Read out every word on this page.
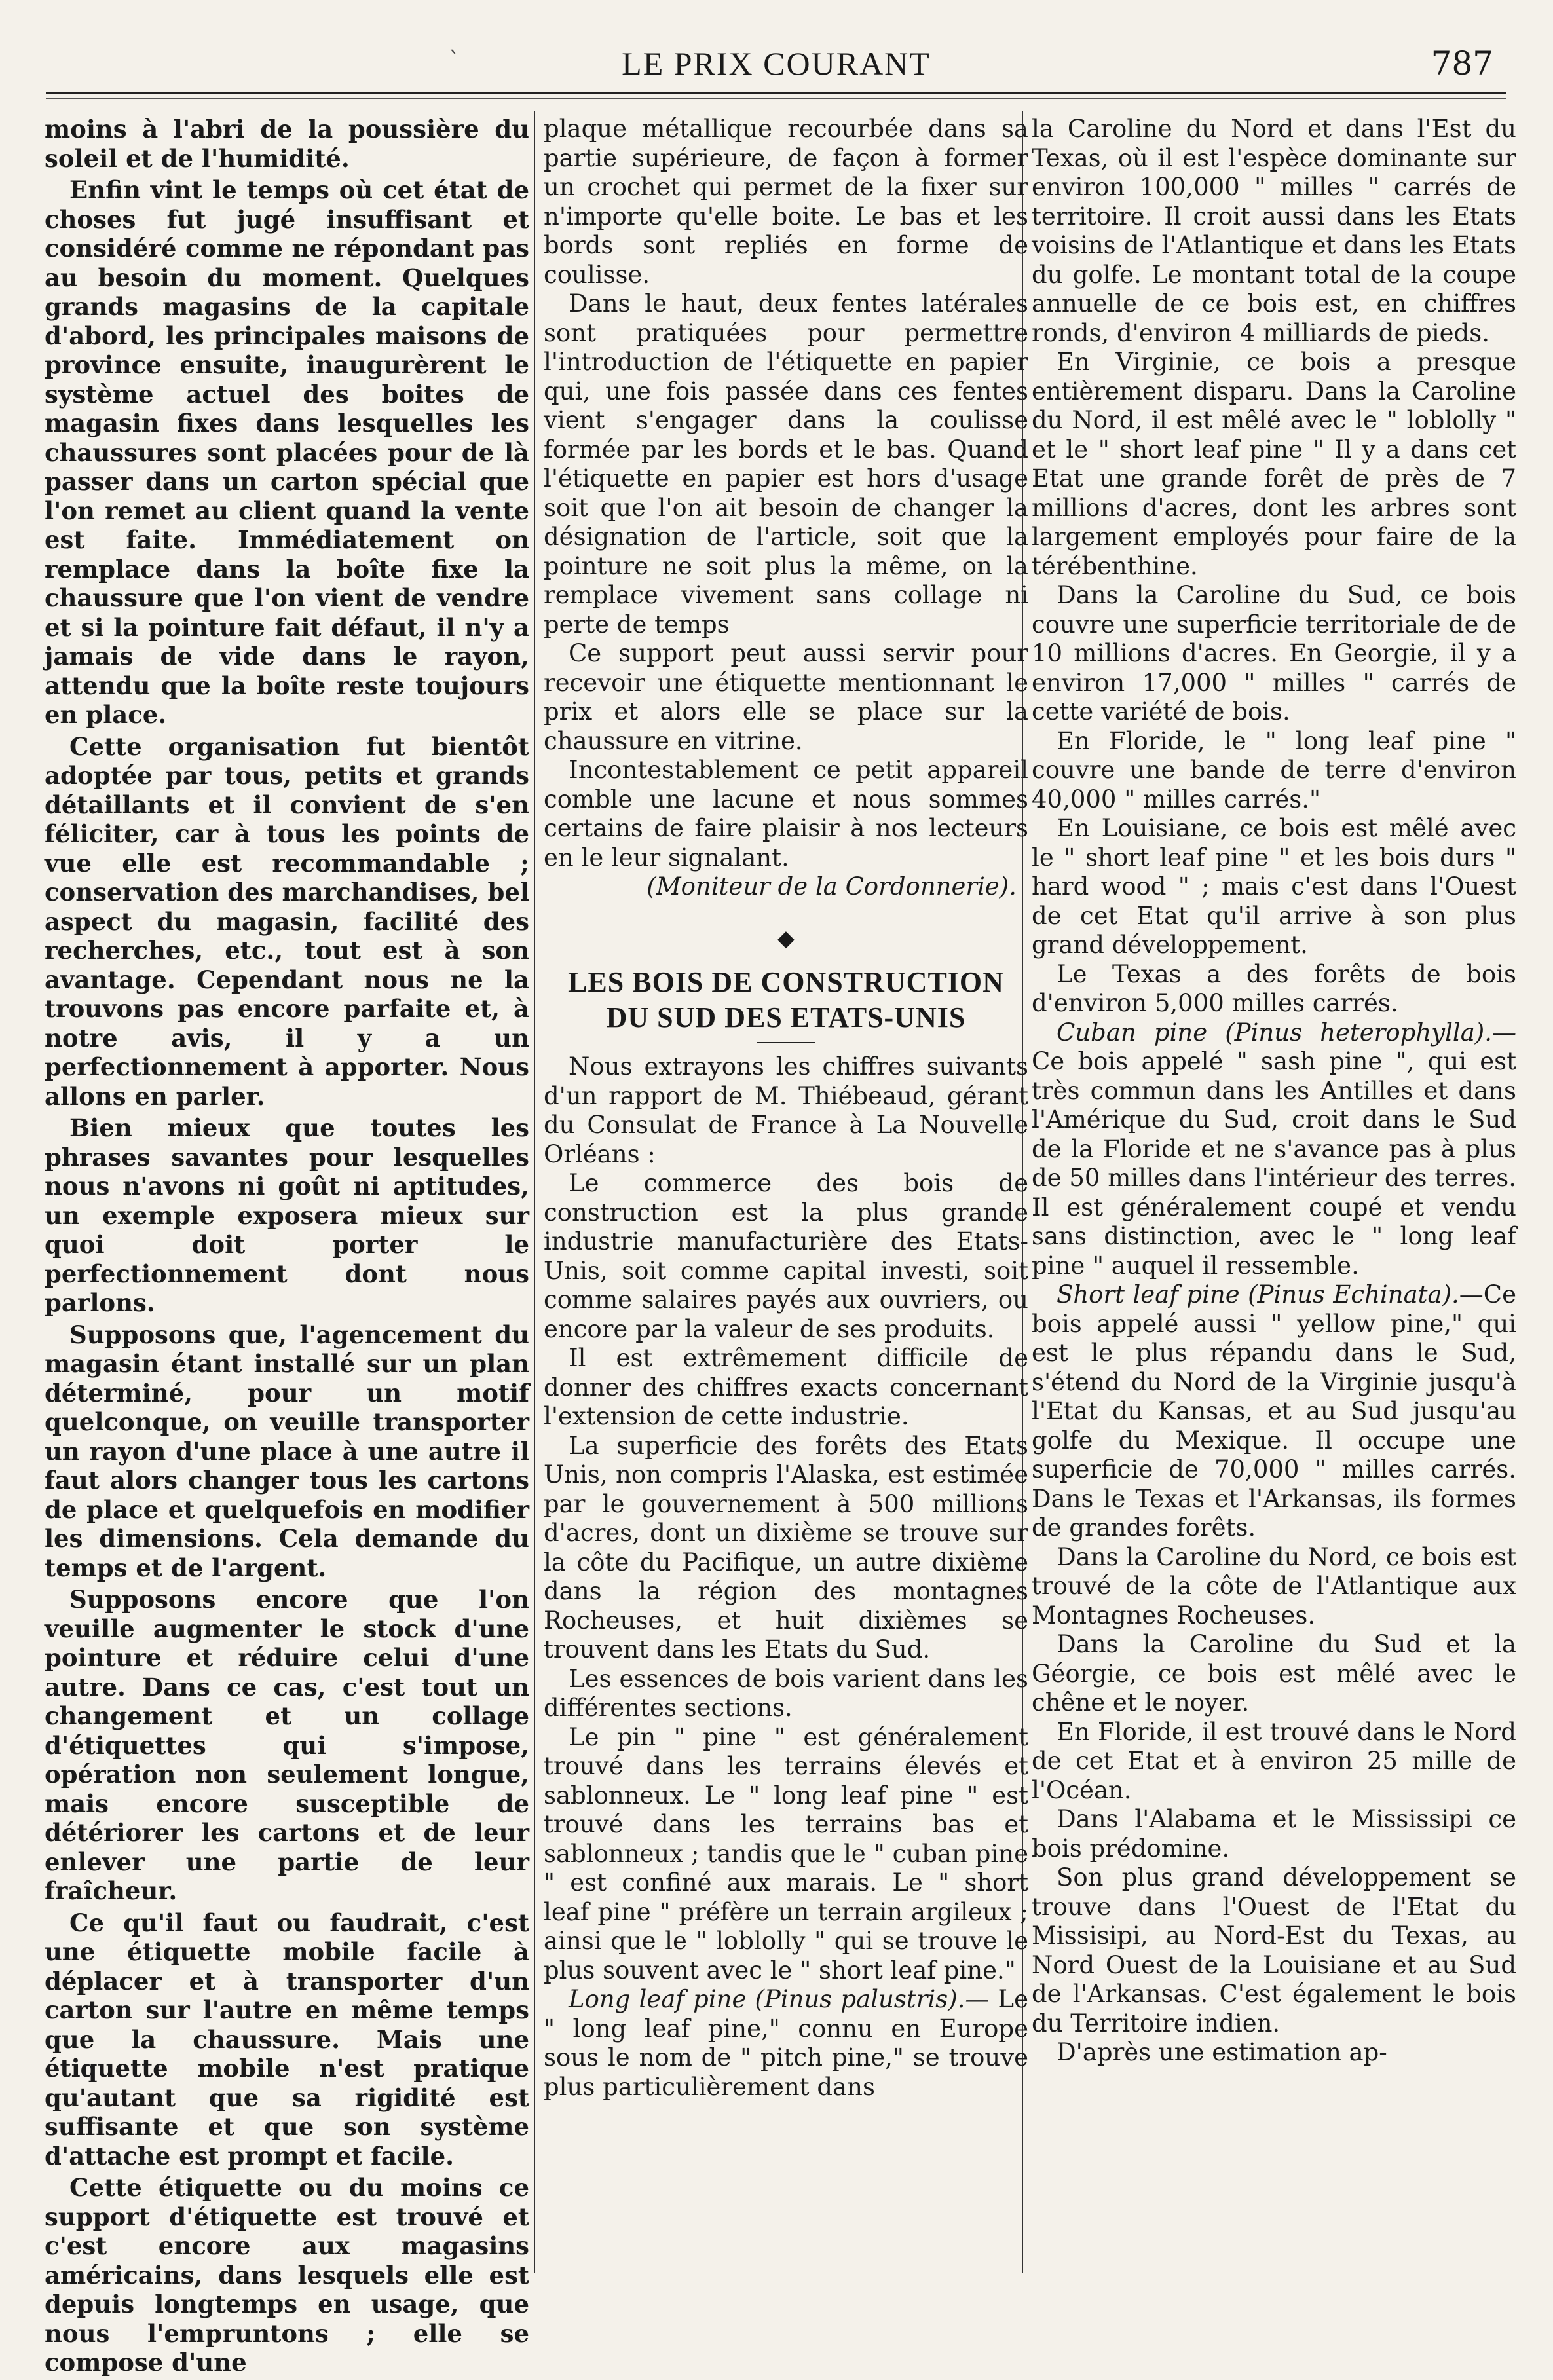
`	LE PRIX COURANT	787

moins à l'abri de la poussière du soleil et de l'humidité.

Enfin vint le temps où cet état de choses fut jugé insuffisant et considéré comme ne répondant pas au besoin du moment. Quelques grands magasins de la capitale d'abord, les principales maisons de province ensuite, inaugurèrent le système actuel des boites de magasin fixes dans lesquelles les chaussures sont placées pour de là passer dans un carton spécial que l'on remet au client quand la vente est faite. Immédiatement on remplace dans la boîte fixe la chaussure que l'on vient de vendre et si la pointure fait défaut, il n'y a jamais de vide dans le rayon, attendu que la boîte reste toujours en place.

Cette organisation fut bientôt adoptée par tous, petits et grands détaillants et il convient de s'en féliciter, car à tous les points de vue elle est recommandable ; conservation des marchandises, bel aspect du magasin, facilité des recherches, etc., tout est à son avantage. Cependant nous ne la trouvons pas encore parfaite et, à notre avis, il y a un perfectionnement à apporter. Nous allons en parler.

Bien mieux que toutes les phrases savantes pour lesquelles nous n'avons ni goût ni aptitudes, un exemple exposera mieux sur quoi doit porter le perfectionnement dont nous parlons.

Supposons que, l'agencement du magasin étant installé sur un plan déterminé, pour un motif quelconque, on veuille transporter un rayon d'une place à une autre il faut alors changer tous les cartons de place et quelquefois en modifier les dimensions. Cela demande du temps et de l'argent.

Supposons encore que l'on veuille augmenter le stock d'une pointure et réduire celui d'une autre. Dans ce cas, c'est tout un changement et un collage d'étiquettes qui s'impose, opération non seulement longue, mais encore susceptible de détériorer les cartons et de leur enlever une partie de leur fraîcheur.

Ce qu'il faut ou faudrait, c'est une étiquette mobile facile à déplacer et à transporter d'un carton sur l'autre en même temps que la chaussure. Mais une étiquette mobile n'est pratique qu'autant que sa rigidité est suffisante et que son système d'attache est prompt et facile.

Cette étiquette ou du moins ce support d'étiquette est trouvé et c'est encore aux magasins américains, dans lesquels elle est depuis longtemps en usage, que nous l'empruntons ; elle se compose d'une

plaque métallique recourbée dans sa partie supérieure, de façon à former un crochet qui permet de la fixer sur n'importe qu'elle boite. Le bas et les bords sont repliés en forme de coulisse.

Dans le haut, deux fentes latérales sont pratiquées pour permettre l'introduction de l'étiquette en papier qui, une fois passée dans ces fentes vient s'engager dans la coulisse formée par les bords et le bas. Quand l'étiquette en papier est hors d'usage soit que l'on ait besoin de changer la désignation de l'article, soit que la pointure ne soit plus la même, on la remplace vivement sans collage ni perte de temps

Ce support peut aussi servir pour recevoir une étiquette mentionnant le prix et alors elle se place sur la chaussure en vitrine.

Incontestablement ce petit appareil comble une lacune et nous sommes certains de faire plaisir à nos lecteurs en le leur signalant.

(Moniteur de la Cordonnerie).

◆
LES BOIS DE CONSTRUCTION DU SUD DES ETATS-UNIS

Nous extrayons les chiffres suivants d'un rapport de M. Thiébeaud, gérant du Consulat de France à La Nouvelle Orléans :

Le commerce des bois de construction est la plus grande industrie manufacturière des Etats-Unis, soit comme capital investi, soit comme salaires payés aux ouvriers, ou encore par la valeur de ses produits.

Il est extrêmement difficile de donner des chiffres exacts concernant l'extension de cette industrie.

La superficie des forêts des Etats Unis, non compris l'Alaska, est estimée par le gouvernement à 500 millions d'acres, dont un dixième se trouve sur la côte du Pacifique, un autre dixième dans la région des montagnes Rocheuses, et huit dixièmes se trouvent dans les Etats du Sud.

Les essences de bois varient dans les différentes sections.

Le pin " pine " est généralement trouvé dans les terrains élevés et sablonneux. Le " long leaf pine " est trouvé dans les terrains bas et sablonneux ; tandis que le " cuban pine " est confiné aux marais. Le " short leaf pine " préfère un terrain argileux ; ainsi que le " loblolly " qui se trouve le plus souvent avec le " short leaf pine."

Long leaf pine (Pinus palustris).— Le " long leaf pine," connu en Europe sous le nom de " pitch pine," se trouve plus particulièrement dans

la Caroline du Nord et dans l'Est du Texas, où il est l'espèce dominante sur environ 100,000 " milles " carrés de territoire. Il croit aussi dans les Etats voisins de l'Atlantique et dans les Etats du golfe. Le montant total de la coupe annuelle de ce bois est, en chiffres ronds, d'environ 4 milliards de pieds.

En Virginie, ce bois a presque entièrement disparu. Dans la Caroline du Nord, il est mêlé avec le " loblolly " et le " short leaf pine " Il y a dans cet Etat une grande forêt de près de 7 millions d'acres, dont les arbres sont largement employés pour faire de la térébenthine.

Dans la Caroline du Sud, ce bois couvre une superficie territoriale de de 10 millions d'acres. En Georgie, il y a environ 17,000 " milles " carrés de cette variété de bois.

En Floride, le " long leaf pine " couvre une bande de terre d'environ 40,000 " milles carrés."

En Louisiane, ce bois est mêlé avec le " short leaf pine " et les bois durs " hard wood " ; mais c'est dans l'Ouest de cet Etat qu'il arrive à son plus grand développement.

Le Texas a des forêts de bois d'environ 5,000 milles carrés.

Cuban pine (Pinus heterophylla).—Ce bois appelé " sash pine ", qui est très commun dans les Antilles et dans l'Amérique du Sud, croit dans le Sud de la Floride et ne s'avance pas à plus de 50 milles dans l'intérieur des terres. Il est généralement coupé et vendu sans distinction, avec le " long leaf pine " auquel il ressemble.

Short leaf pine (Pinus Echinata).—Ce bois appelé aussi " yellow pine," qui est le plus répandu dans le Sud, s'étend du Nord de la Virginie jusqu'à l'Etat du Kansas, et au Sud jusqu'au golfe du Mexique. Il occupe une superficie de 70,000 " milles carrés. Dans le Texas et l'Arkansas, ils formes de grandes forêts.

Dans la Caroline du Nord, ce bois est trouvé de la côte de l'Atlantique aux Montagnes Rocheuses.

Dans la Caroline du Sud et la Géorgie, ce bois est mêlé avec le chêne et le noyer.

En Floride, il est trouvé dans le Nord de cet Etat et à environ 25 mille de l'Océan.

Dans l'Alabama et le Mississipi ce bois prédomine.

Son plus grand développement se trouve dans l'Ouest de l'Etat du Missisipi, au Nord-Est du Texas, au Nord Ouest de la Louisiane et au Sud de l'Arkansas. C'est également le bois du Territoire indien.

D'après une estimation ap-
